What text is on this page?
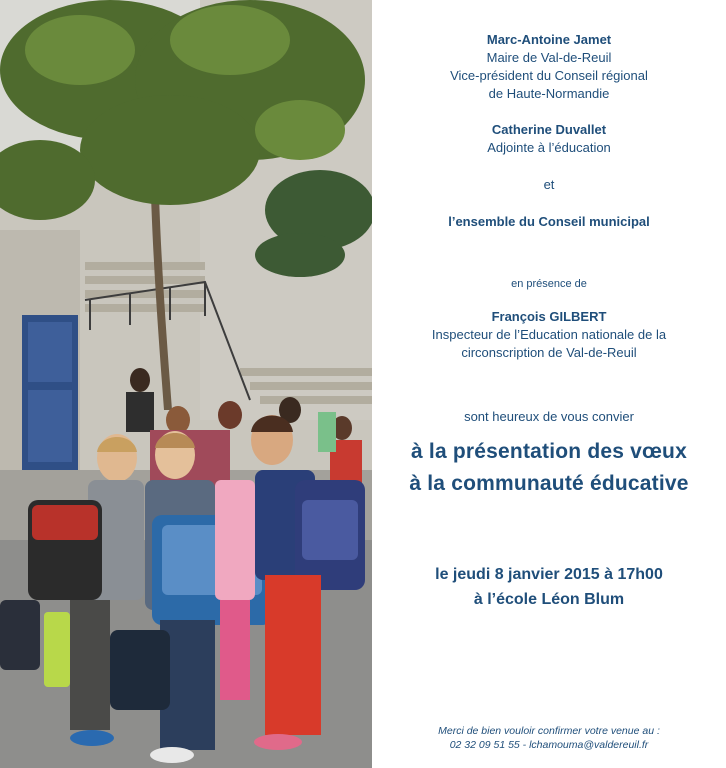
Marc-Antoine Jamet
Maire de Val-de-Reuil
Vice-président du Conseil régional
de Haute-Normandie
Catherine Duvallet
Adjointe à l’éducation
et
l’ensemble du Conseil municipal
en présence de
François GILBERT
Inspecteur de l’Education nationale de la
circonscription de Val-de-Reuil
sont heureux de vous convier
à la présentation des vœux
à la communauté éducative
le jeudi 8 janvier 2015 à 17h00
à l’école Léon Blum
Merci de bien vouloir confirmer votre venue au :
02 32 09 51 55 - lchamouma@valdereuil.fr
